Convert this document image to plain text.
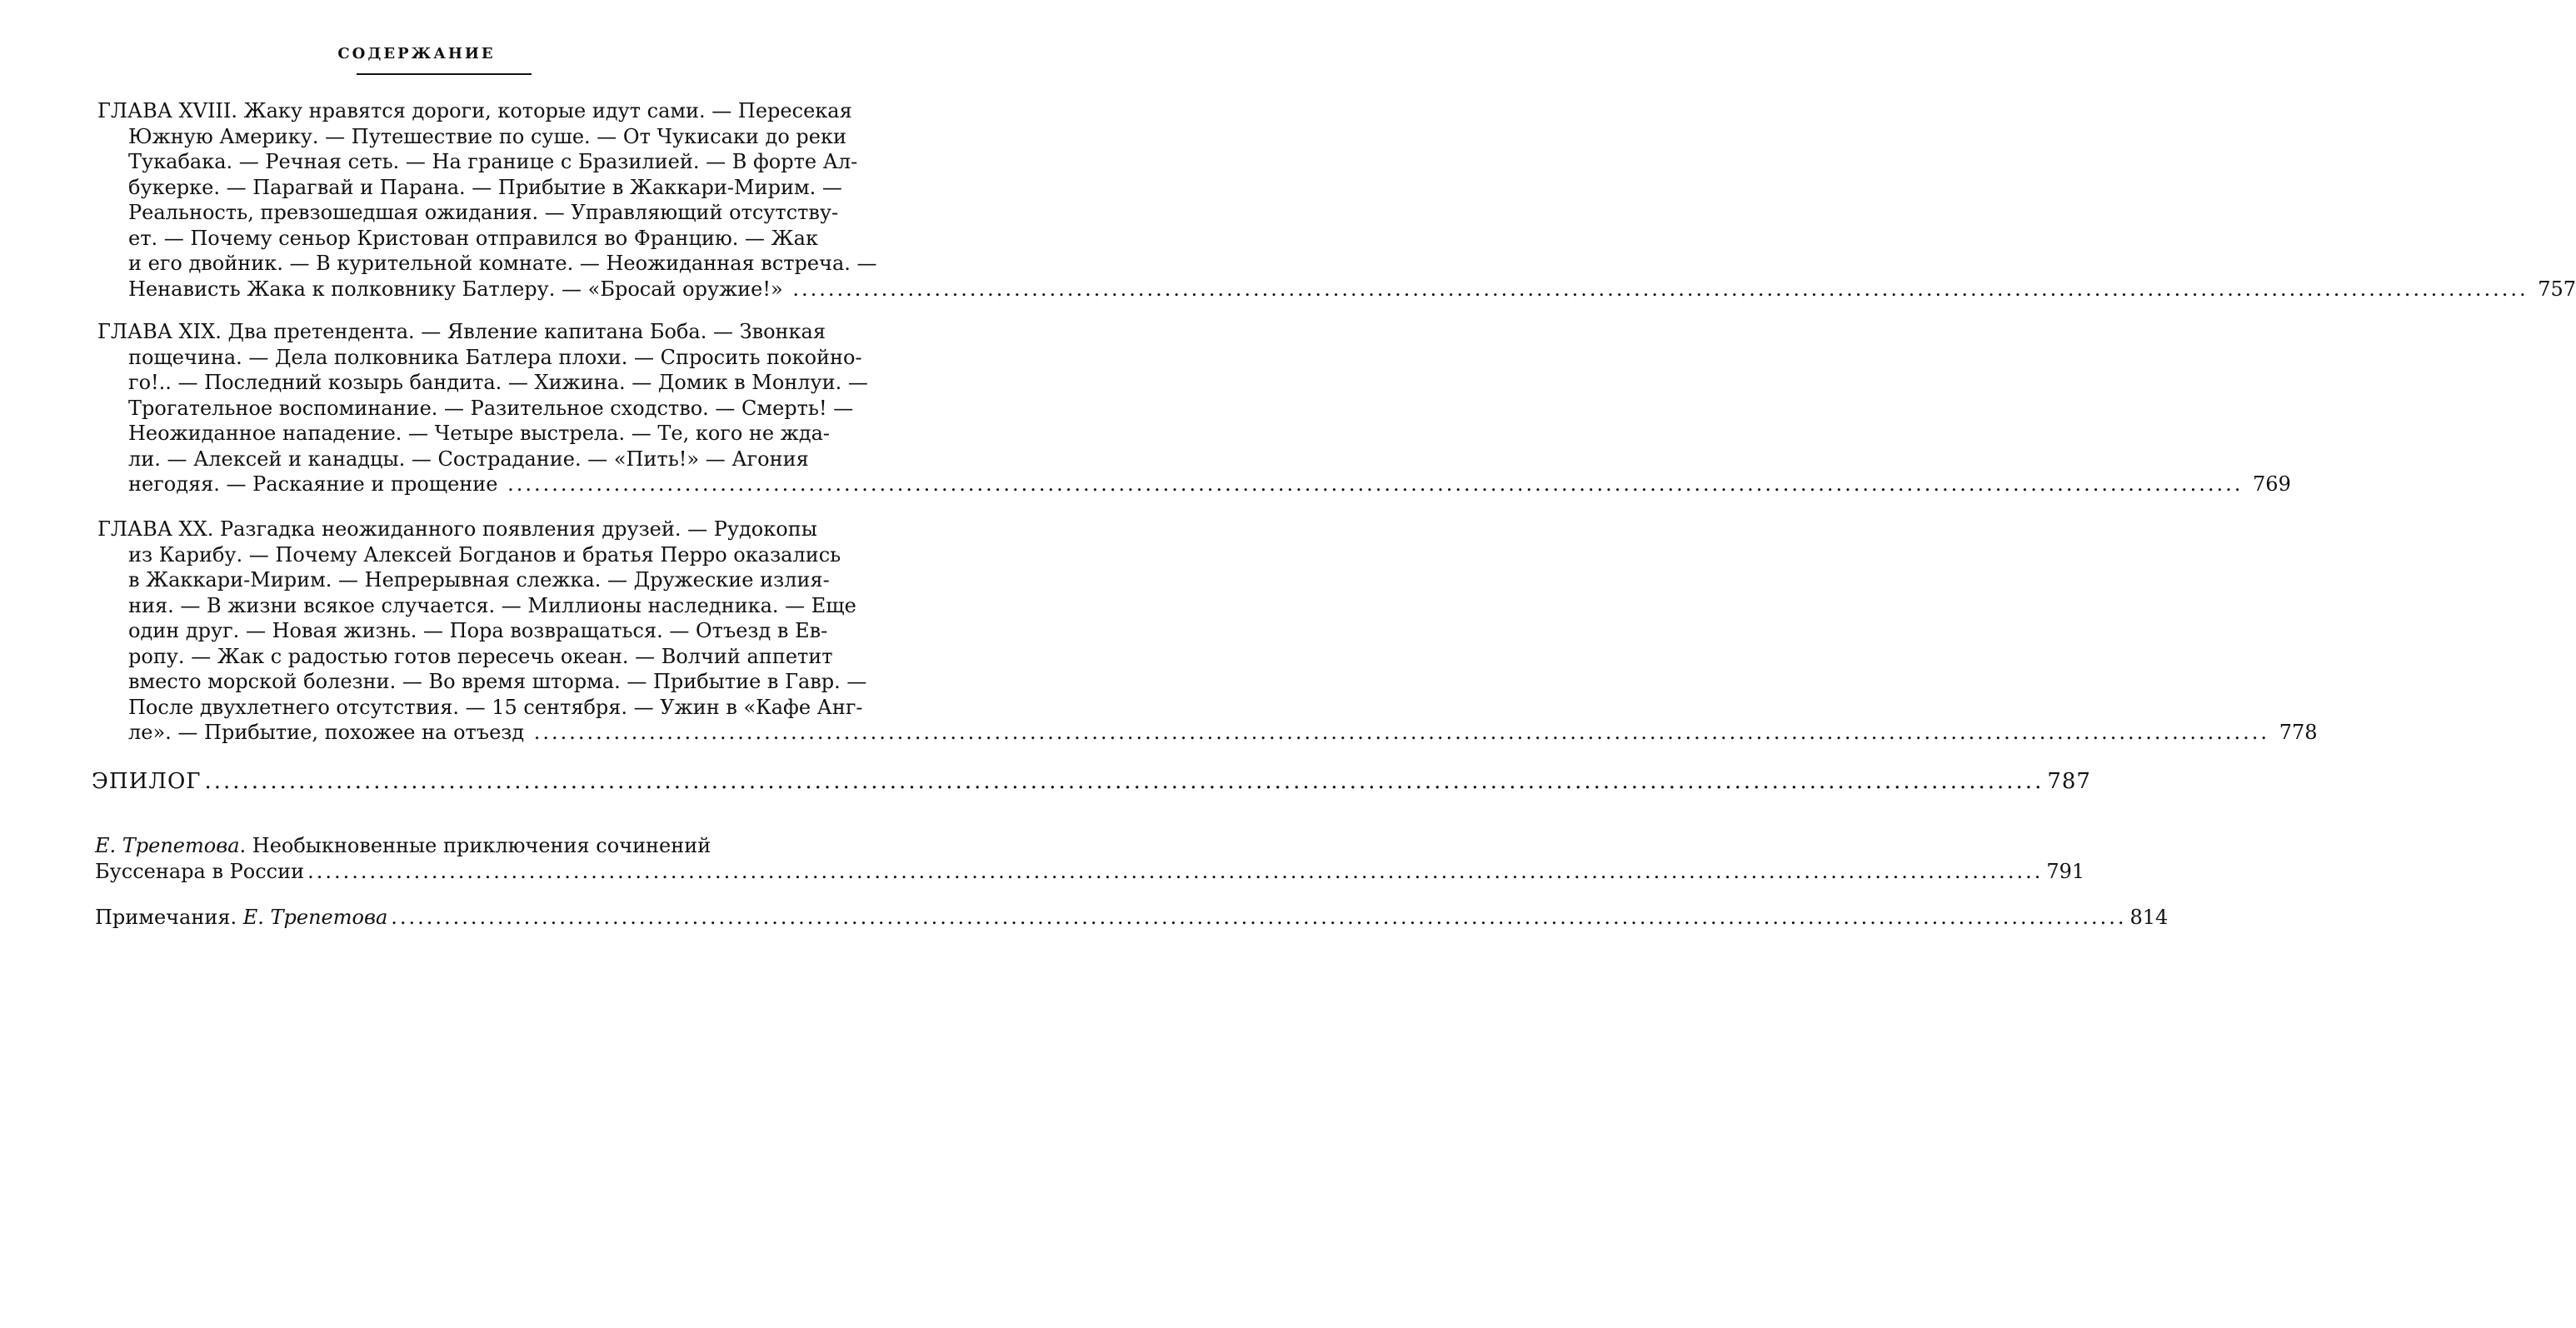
СОДЕРЖАНИЕ
ГЛАВА XVIII. Жаку нравятся дороги, которые идут сами. — Пересекая
Южную Америку. — Путешествие по суше. — От Чукисаки до реки
Тукабака. — Речная сеть. — На границе с Бразилией. — В форте Ал-
букерке. — Парагвай и Парана. — Прибытие в Жаккари-Мирим. —
Реальность, превзошедшая ожидания. — Управляющий отсутству-
ет. — Почему сеньор Кристован отправился во Францию. — Жак
и его двойник. — В курительной комнате. — Неожиданная встреча. —
Ненависть Жака к полковнику Батлеру. — «Бросай оружие!» .....	757
ГЛАВА XIX. Два претендента. — Явление капитана Боба. — Звонкая
пощечина. — Дела полковника Батлера плохи. — Спросить покойно-
го!.. — Последний козырь бандита. — Хижина. — Домик в Монлуи. —
Трогательное воспоминание. — Разительное сходство. — Смерть! —
Неожиданное нападение. — Четыре выстрела. — Те, кого не жда-
ли. — Алексей и канадцы. — Сострадание. — «Пить!» — Агония
негодяя. — Раскаяние и прощение .....	769
ГЛАВА XX. Разгадка неожиданного появления друзей. — Рудокопы
из Карибу. — Почему Алексей Богданов и братья Перро оказались
в Жаккари-Мирим. — Непрерывная слежка. — Дружеские излия-
ния. — В жизни всякое случается. — Миллионы наследника. — Еще
один друг. — Новая жизнь. — Пора возвращаться. — Отъезд в Ев-
ропу. — Жак с радостью готов пересечь океан. — Волчий аппетит
вместо морской болезни. — Во время шторма. — Прибытие в Гавр. —
После двухлетнего отсутствия. — 15 сентября. — Ужин в «Кафе Анг-
ле». — Прибытие, похожее на отъезд .....	778
ЭПИЛОГ .....	787
Е. Трепетова. Необыкновенные приключения сочинений
Буссенара в России .....	791
Примечания. Е. Трепетова .....	814
